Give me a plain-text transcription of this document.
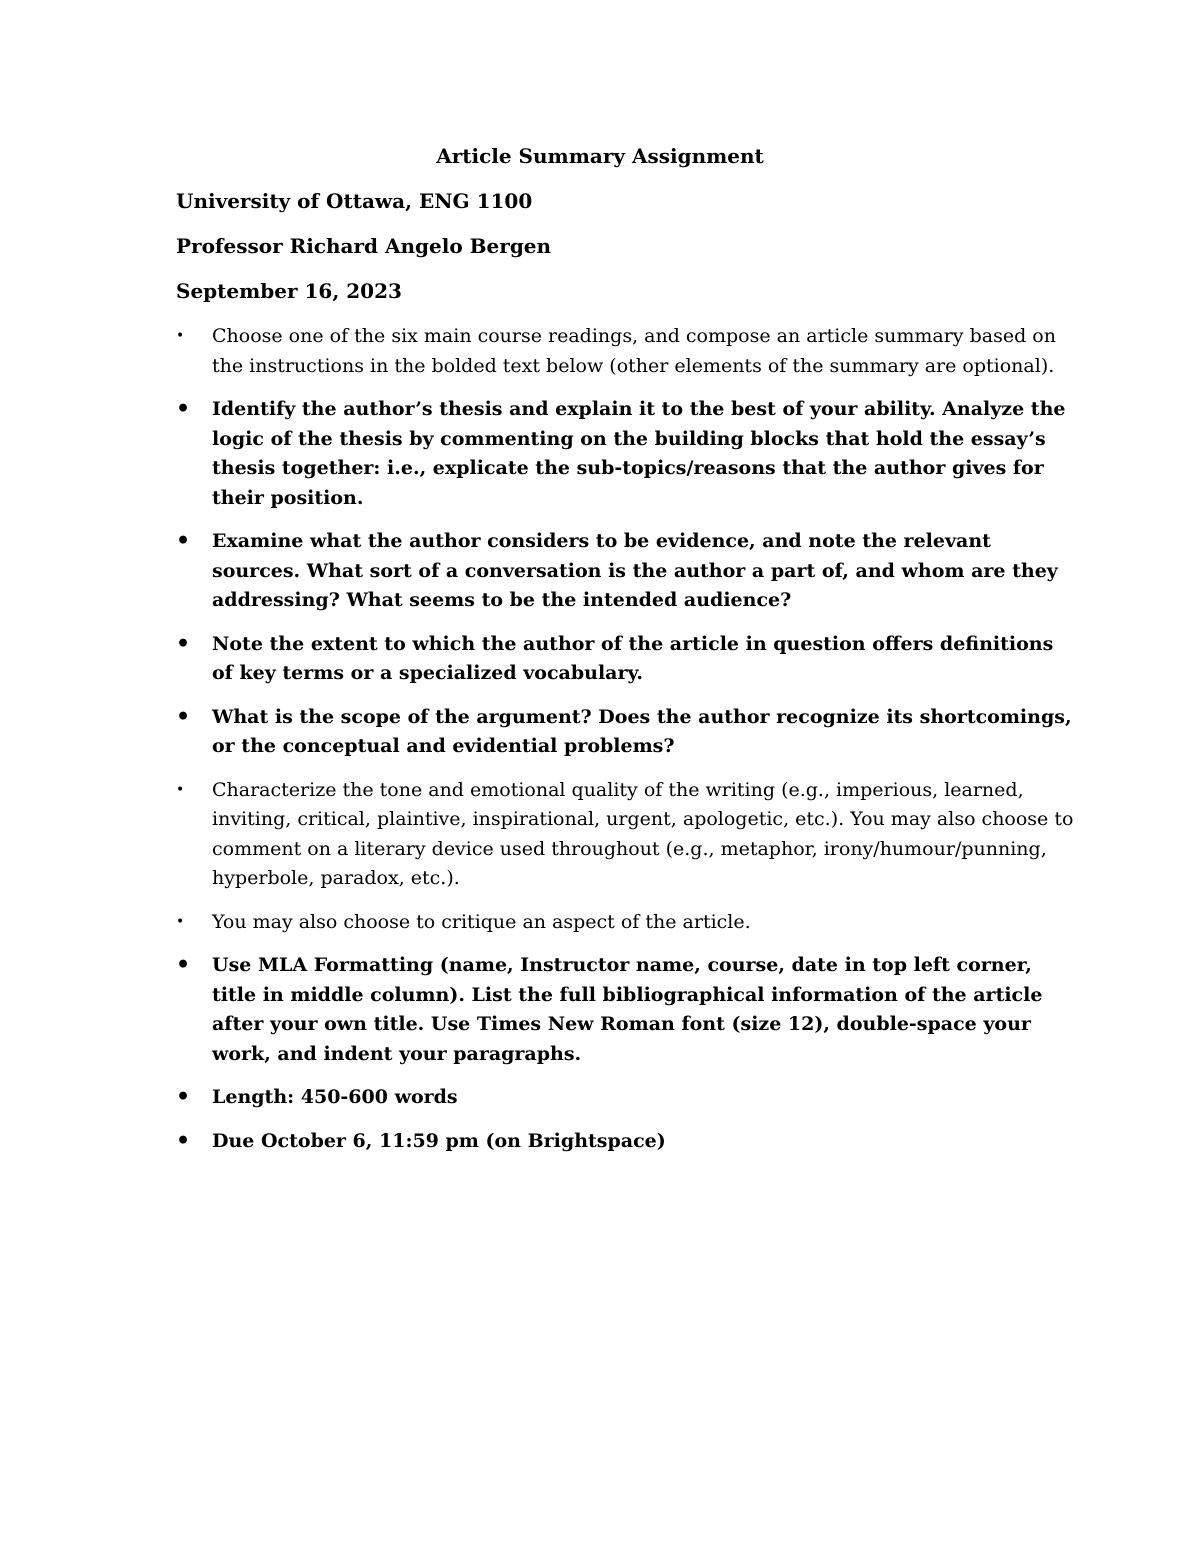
Article Summary Assignment
University of Ottawa, ENG 1100
Professor Richard Angelo Bergen
September 16, 2023
•	Choose one of the six main course readings, and compose an article summary based on the instructions in the bolded text below (other elements of the summary are optional).
•	Identify the author’s thesis and explain it to the best of your ability. Analyze the logic of the thesis by commenting on the building blocks that hold the essay’s thesis together: i.e., explicate the sub-topics/reasons that the author gives for their position.
•	Examine what the author considers to be evidence, and note the relevant sources. What sort of a conversation is the author a part of, and whom are they addressing? What seems to be the intended audience?
•	Note the extent to which the author of the article in question offers definitions of key terms or a specialized vocabulary.
•	What is the scope of the argument? Does the author recognize its shortcomings, or the conceptual and evidential problems?
•	Characterize the tone and emotional quality of the writing (e.g., imperious, learned, inviting, critical, plaintive, inspirational, urgent, apologetic, etc.). You may also choose to comment on a literary device used throughout (e.g., metaphor, irony/humour/punning, hyperbole, paradox, etc.).
•	You may also choose to critique an aspect of the article.
•	Use MLA Formatting (name, Instructor name, course, date in top left corner, title in middle column). List the full bibliographical information of the article after your own title. Use Times New Roman font (size 12), double-space your work, and indent your paragraphs.
•	Length: 450-600 words
•	Due October 6, 11:59 pm (on Brightspace)
